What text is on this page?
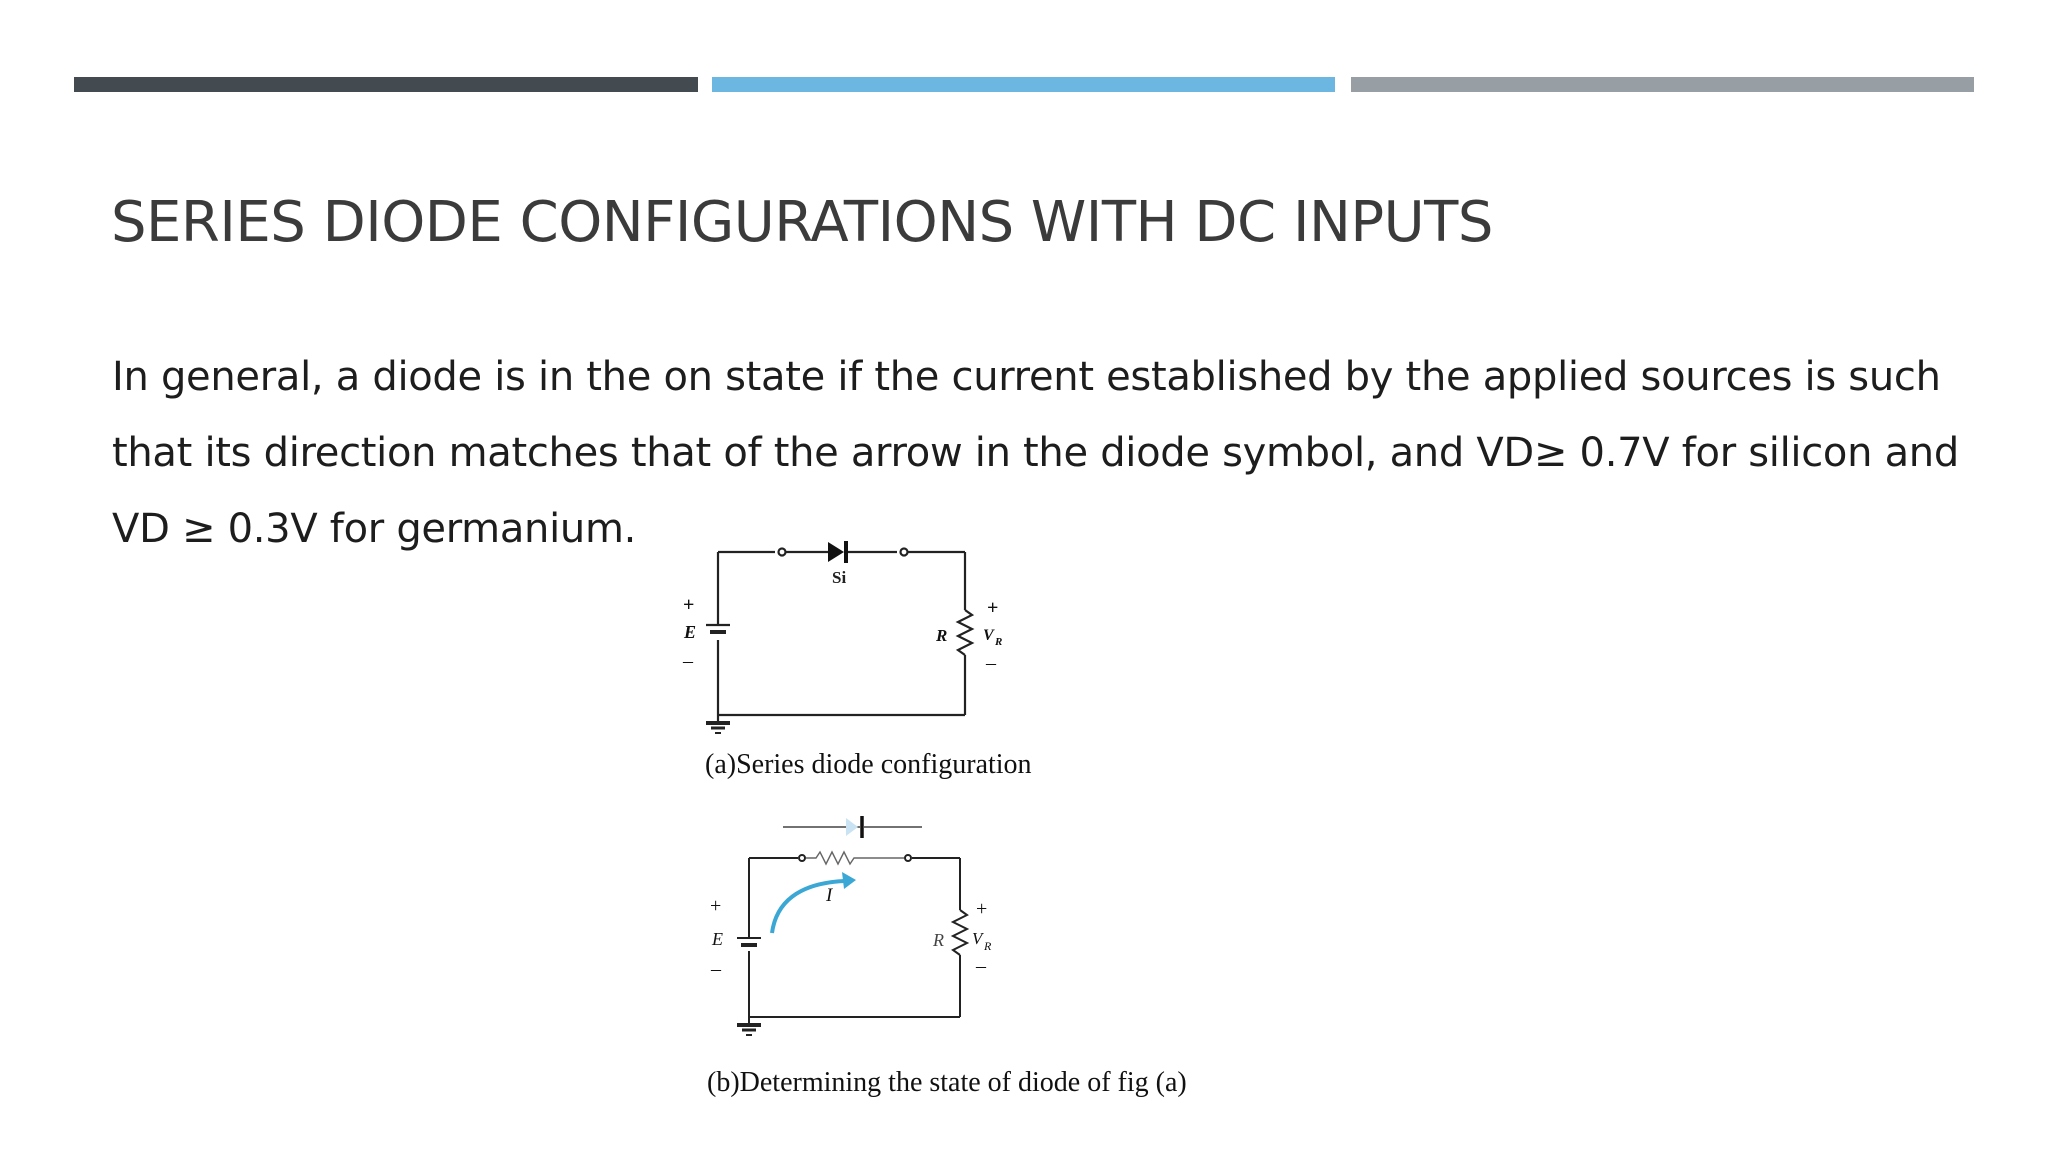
SERIES DIODE CONFIGURATIONS WITH DC INPUTS

In general, a diode is in the on state if the current established by the applied sources is such that its direction matches that of the arrow in the diode symbol, and VD≥ 0.7V for silicon and VD ≥ 0.3V for germanium.

Si
+
E
–
R
+
V R
–
(a)Series diode configuration
I
+
E
–
R
+
V R
–
(b)Determining the state of diode of fig (a)
